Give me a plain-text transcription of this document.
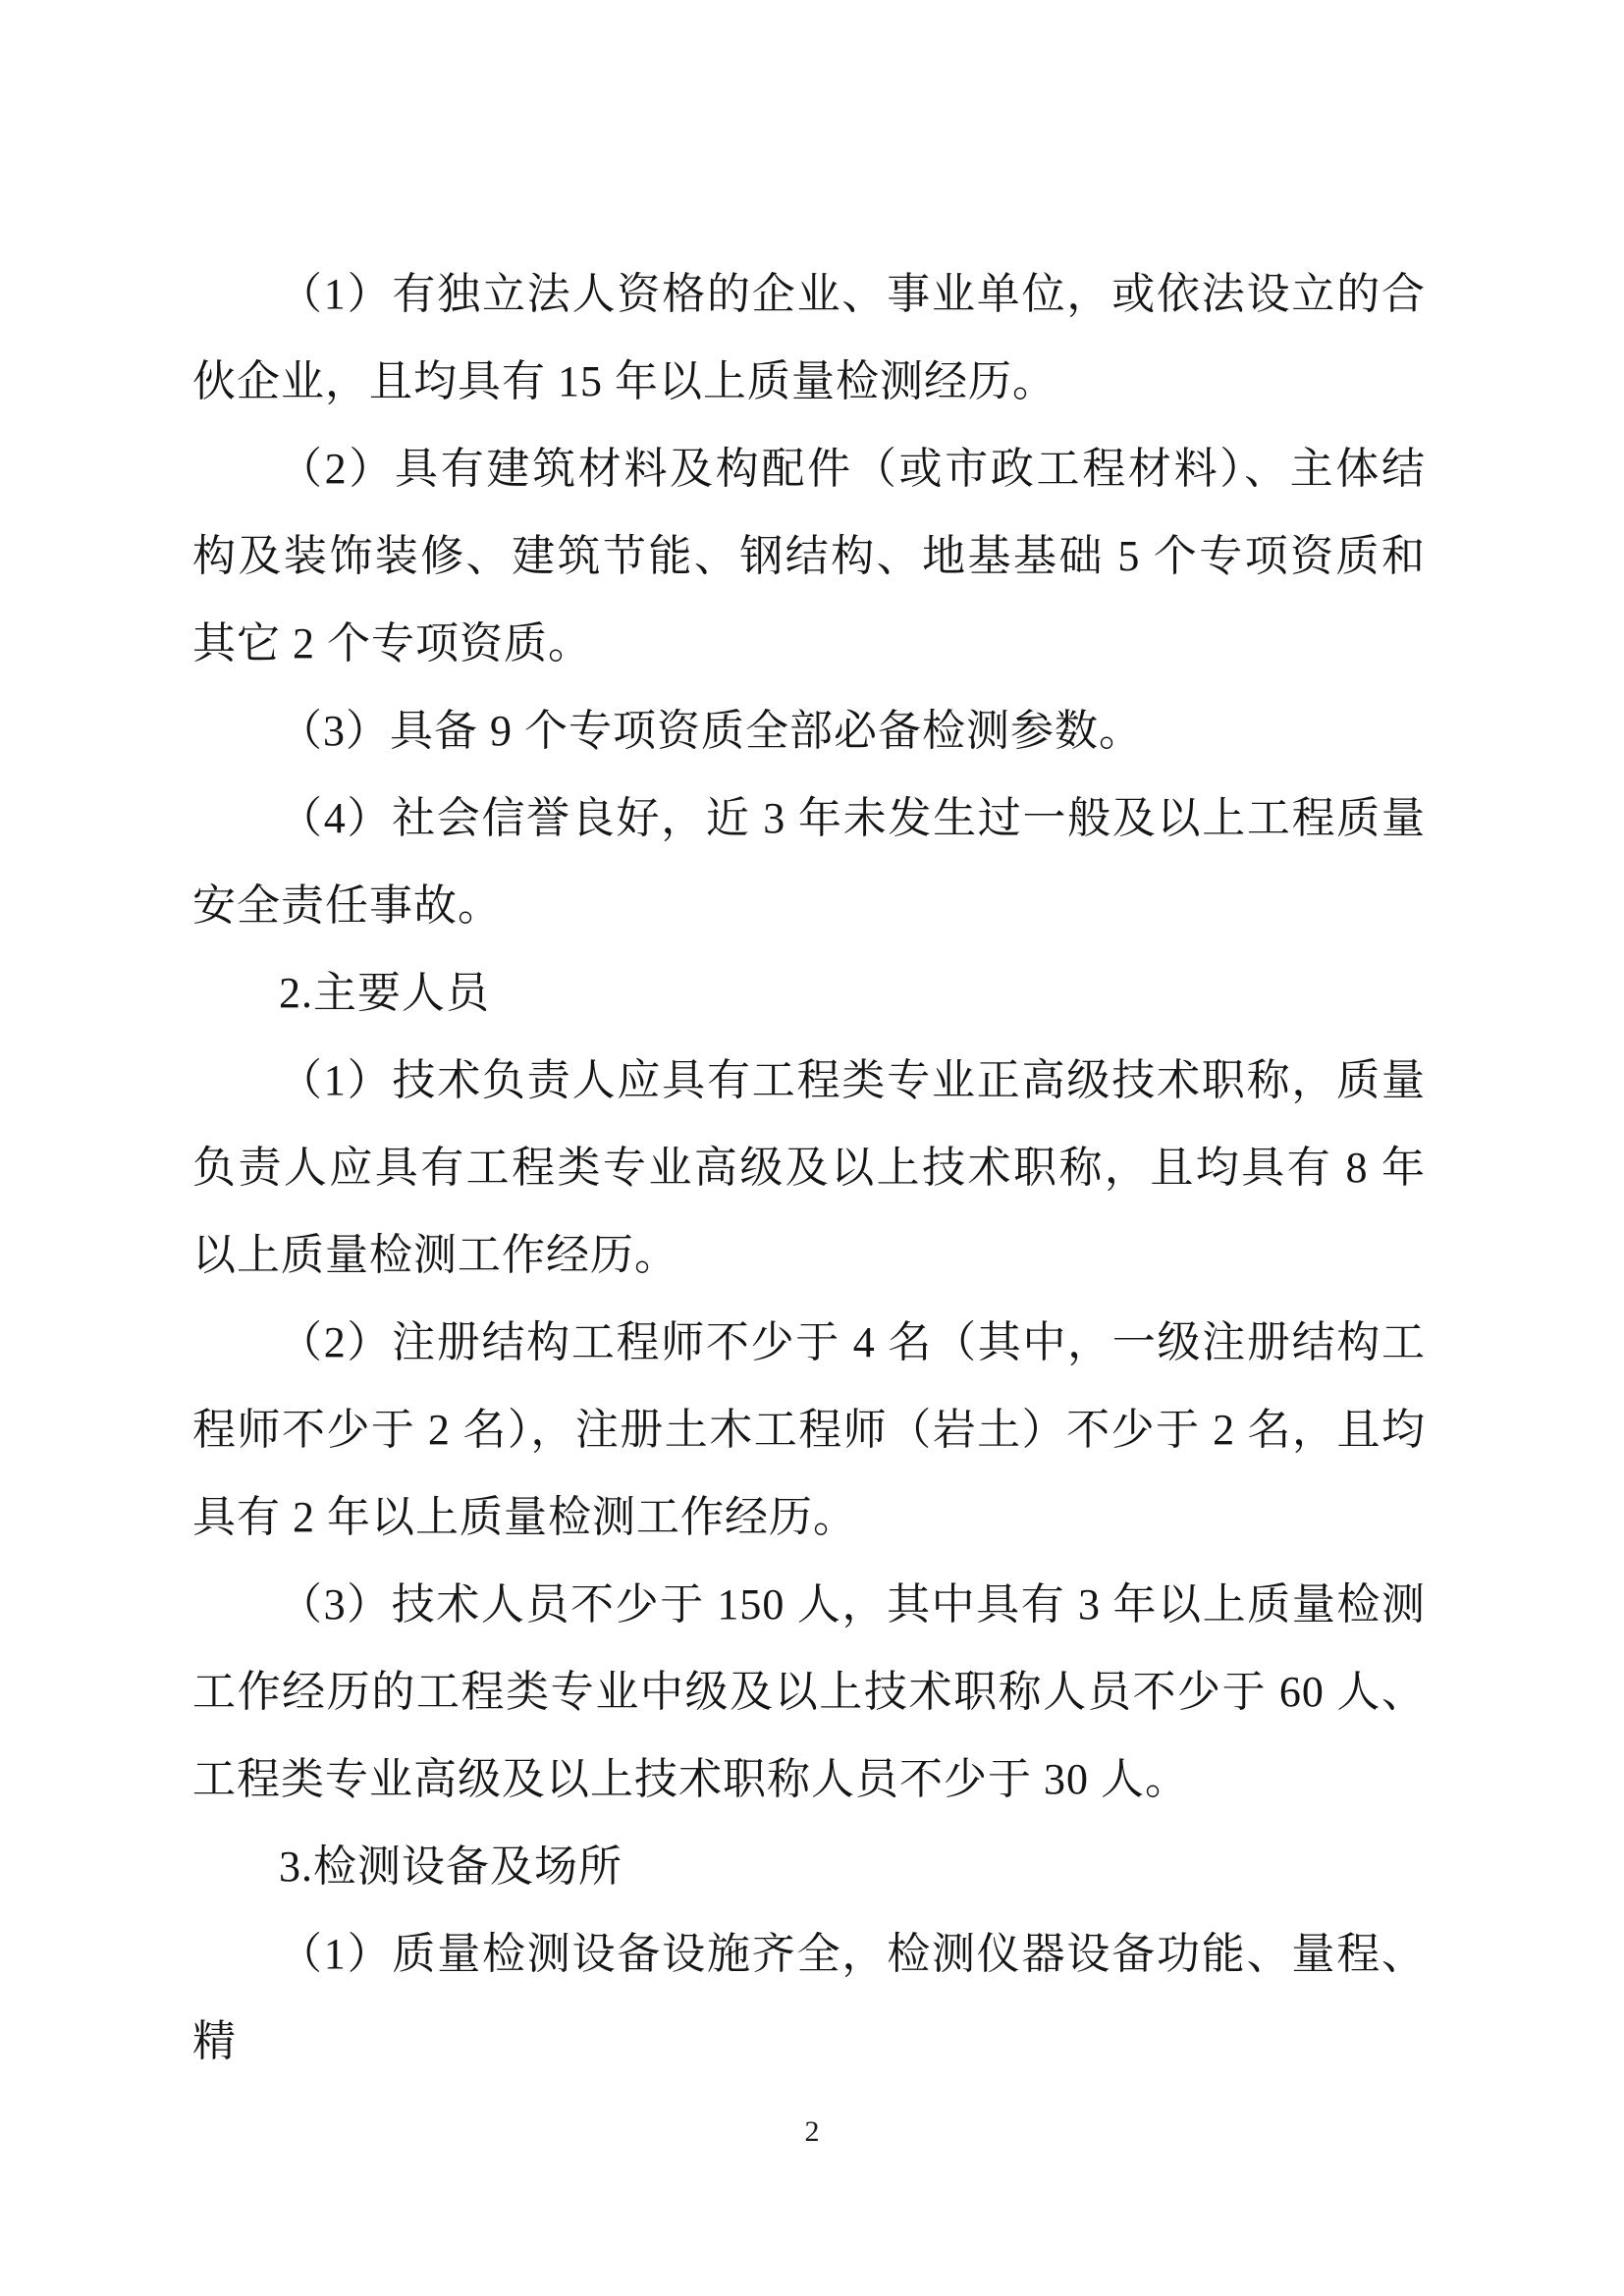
（1）有独立法人资格的企业、事业单位，或依法设立的合伙企业，且均具有 15 年以上质量检测经历。

（2）具有建筑材料及构配件（或市政工程材料）、主体结构及装饰装修、建筑节能、钢结构、地基基础 5 个专项资质和其它 2 个专项资质。

（3）具备 9 个专项资质全部必备检测参数。

（4）社会信誉良好，近 3 年未发生过一般及以上工程质量安全责任事故。

2.主要人员

（1）技术负责人应具有工程类专业正高级技术职称，质量负责人应具有工程类专业高级及以上技术职称，且均具有 8 年以上质量检测工作经历。

（2）注册结构工程师不少于 4 名（其中，一级注册结构工程师不少于 2 名），注册土木工程师（岩土）不少于 2 名，且均具有 2 年以上质量检测工作经历。

（3）技术人员不少于 150 人，其中具有 3 年以上质量检测工作经历的工程类专业中级及以上技术职称人员不少于 60 人、工程类专业高级及以上技术职称人员不少于 30 人。

3.检测设备及场所

（1）质量检测设备设施齐全，检测仪器设备功能、量程、精

2
